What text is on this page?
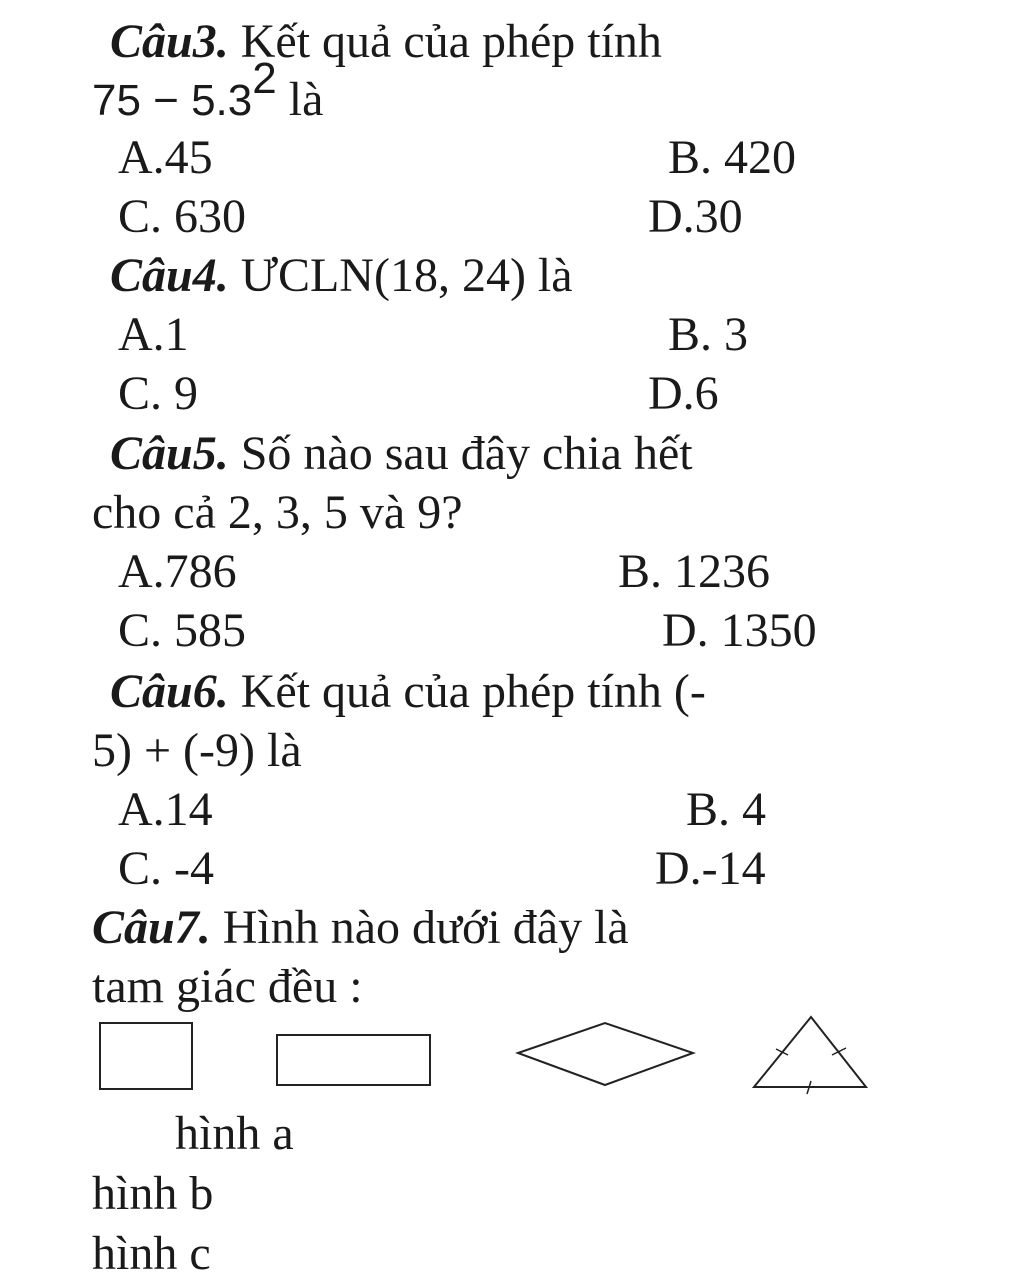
Câu3. Kết quả của phép tính
$75 - 5.3^2$ là
A.45	B. 420
C. 630	D.30
Câu4. ƯCLN(18, 24) là
A.1	B. 3
C. 9	D.6
Câu5. Số nào sau đây chia hết
cho cả 2, 3, 5 và 9?
A.786	B. 1236
C. 585	D. 1350
Câu6. Kết quả của phép tính (-
5) + (-9) là
A.14	B. 4
C. -4	D.-14
Câu7. Hình nào dưới đây là
tam giác đều :
hình a
hình b
hình c
